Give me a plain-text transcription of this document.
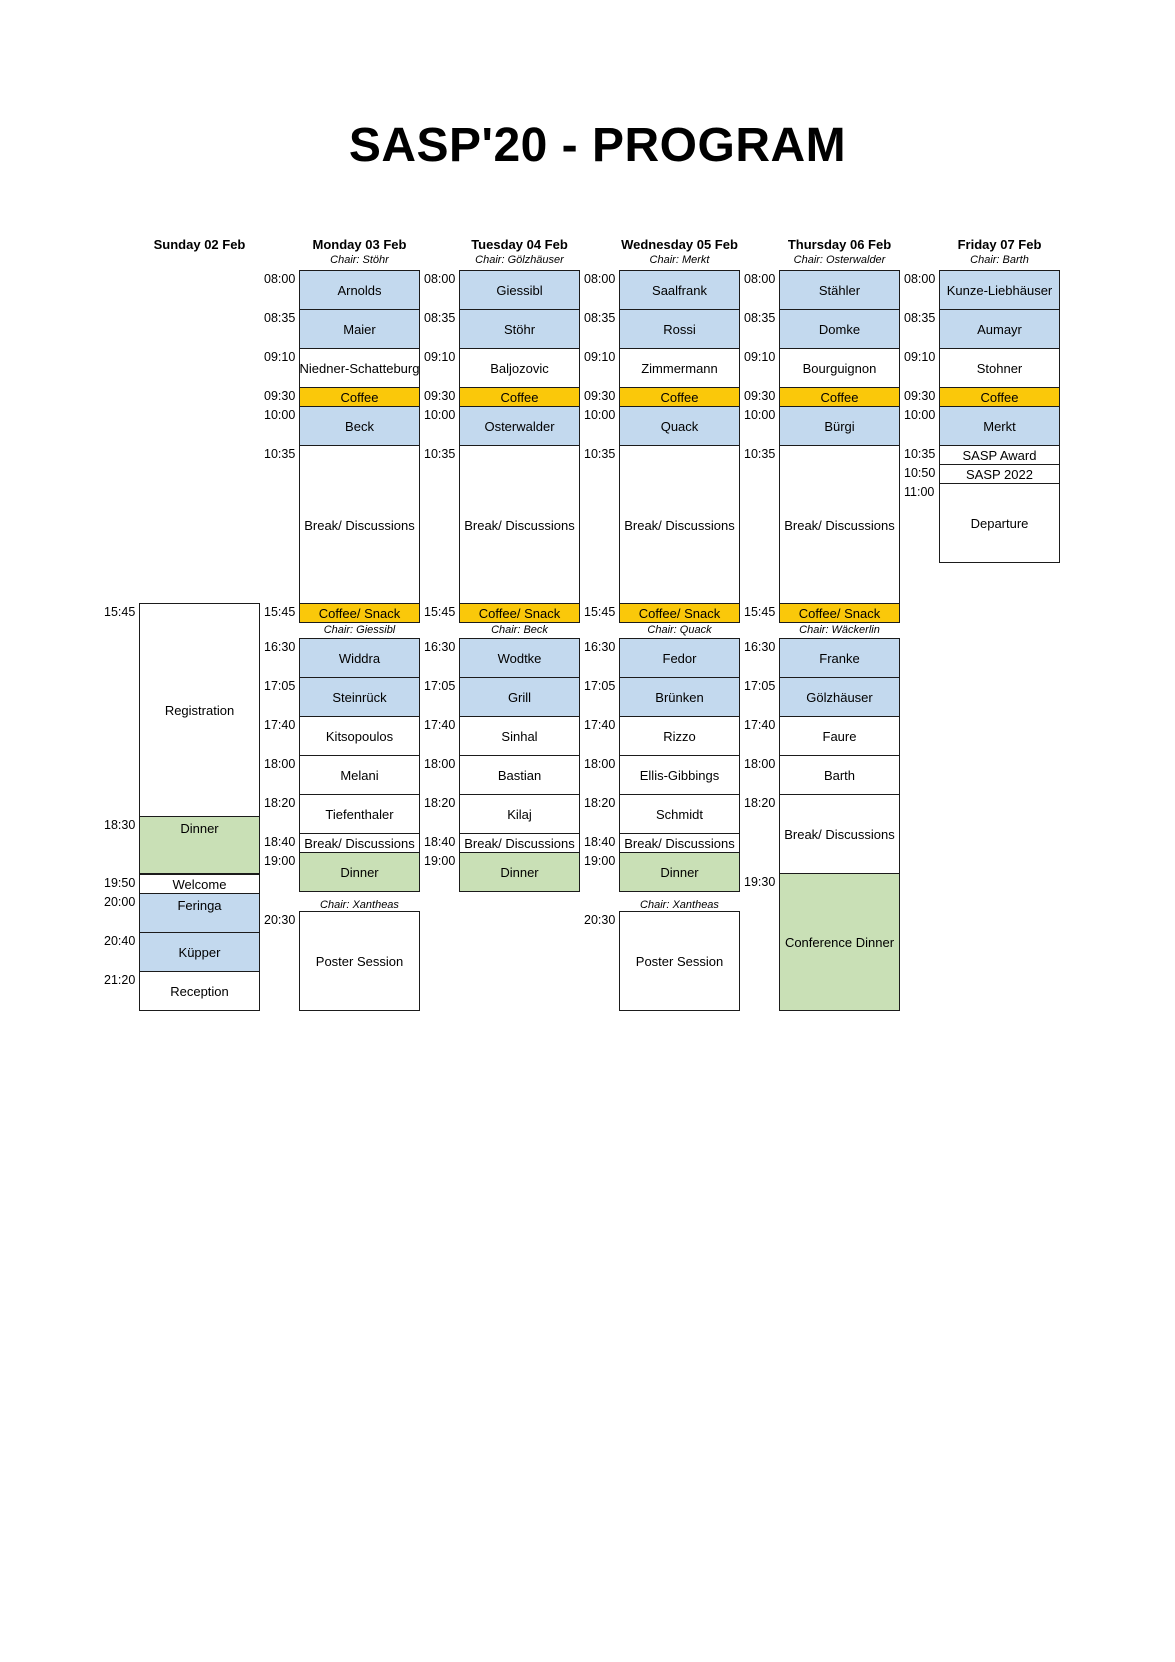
SASP'20 - PROGRAM
Sunday 02 Feb
15:45
18:30
19:50
20:00
20:40
21:20
Registration
Dinner
Welcome
Feringa
Küpper
Reception
Monday 03 Feb
Chair: Stöhr
Chair: Giessibl
Chair: Xantheas
08:00
08:35
09:10
09:30
10:00
10:35
15:45
16:30
17:05
17:40
18:00
18:20
18:40
19:00
20:30
Arnolds
Maier
Niedner-Schatteburg
Coffee
Beck
Break/ Discussions
Coffee/ Snack
Widdra
Steinrück
Kitsopoulos
Melani
Tiefenthaler
Break/ Discussions
Dinner
Poster Session
Tuesday 04 Feb
Chair: Gölzhäuser
Chair: Beck
08:00
08:35
09:10
09:30
10:00
10:35
15:45
16:30
17:05
17:40
18:00
18:20
18:40
19:00
Giessibl
Stöhr
Baljozovic
Coffee
Osterwalder
Break/ Discussions
Coffee/ Snack
Wodtke
Grill
Sinhal
Bastian
Kilaj
Break/ Discussions
Dinner
Wednesday 05 Feb
Chair: Merkt
Chair: Quack
Chair: Xantheas
08:00
08:35
09:10
09:30
10:00
10:35
15:45
16:30
17:05
17:40
18:00
18:20
18:40
19:00
20:30
Saalfrank
Rossi
Zimmermann
Coffee
Quack
Break/ Discussions
Coffee/ Snack
Fedor
Brünken
Rizzo
Ellis-Gibbings
Schmidt
Break/ Discussions
Dinner
Poster Session
Thursday 06 Feb
Chair: Osterwalder
Chair: Wäckerlin
08:00
08:35
09:10
09:30
10:00
10:35
15:45
16:30
17:05
17:40
18:00
18:20
19:30
Stähler
Domke
Bourguignon
Coffee
Bürgi
Break/ Discussions
Coffee/ Snack
Franke
Gölzhäuser
Faure
Barth
Break/ Discussions
Conference Dinner
Friday 07 Feb
Chair: Barth
08:00
08:35
09:10
09:30
10:00
10:35
10:50
11:00
Kunze-Liebhäuser
Aumayr
Stohner
Coffee
Merkt
SASP Award
SASP 2022
Departure
